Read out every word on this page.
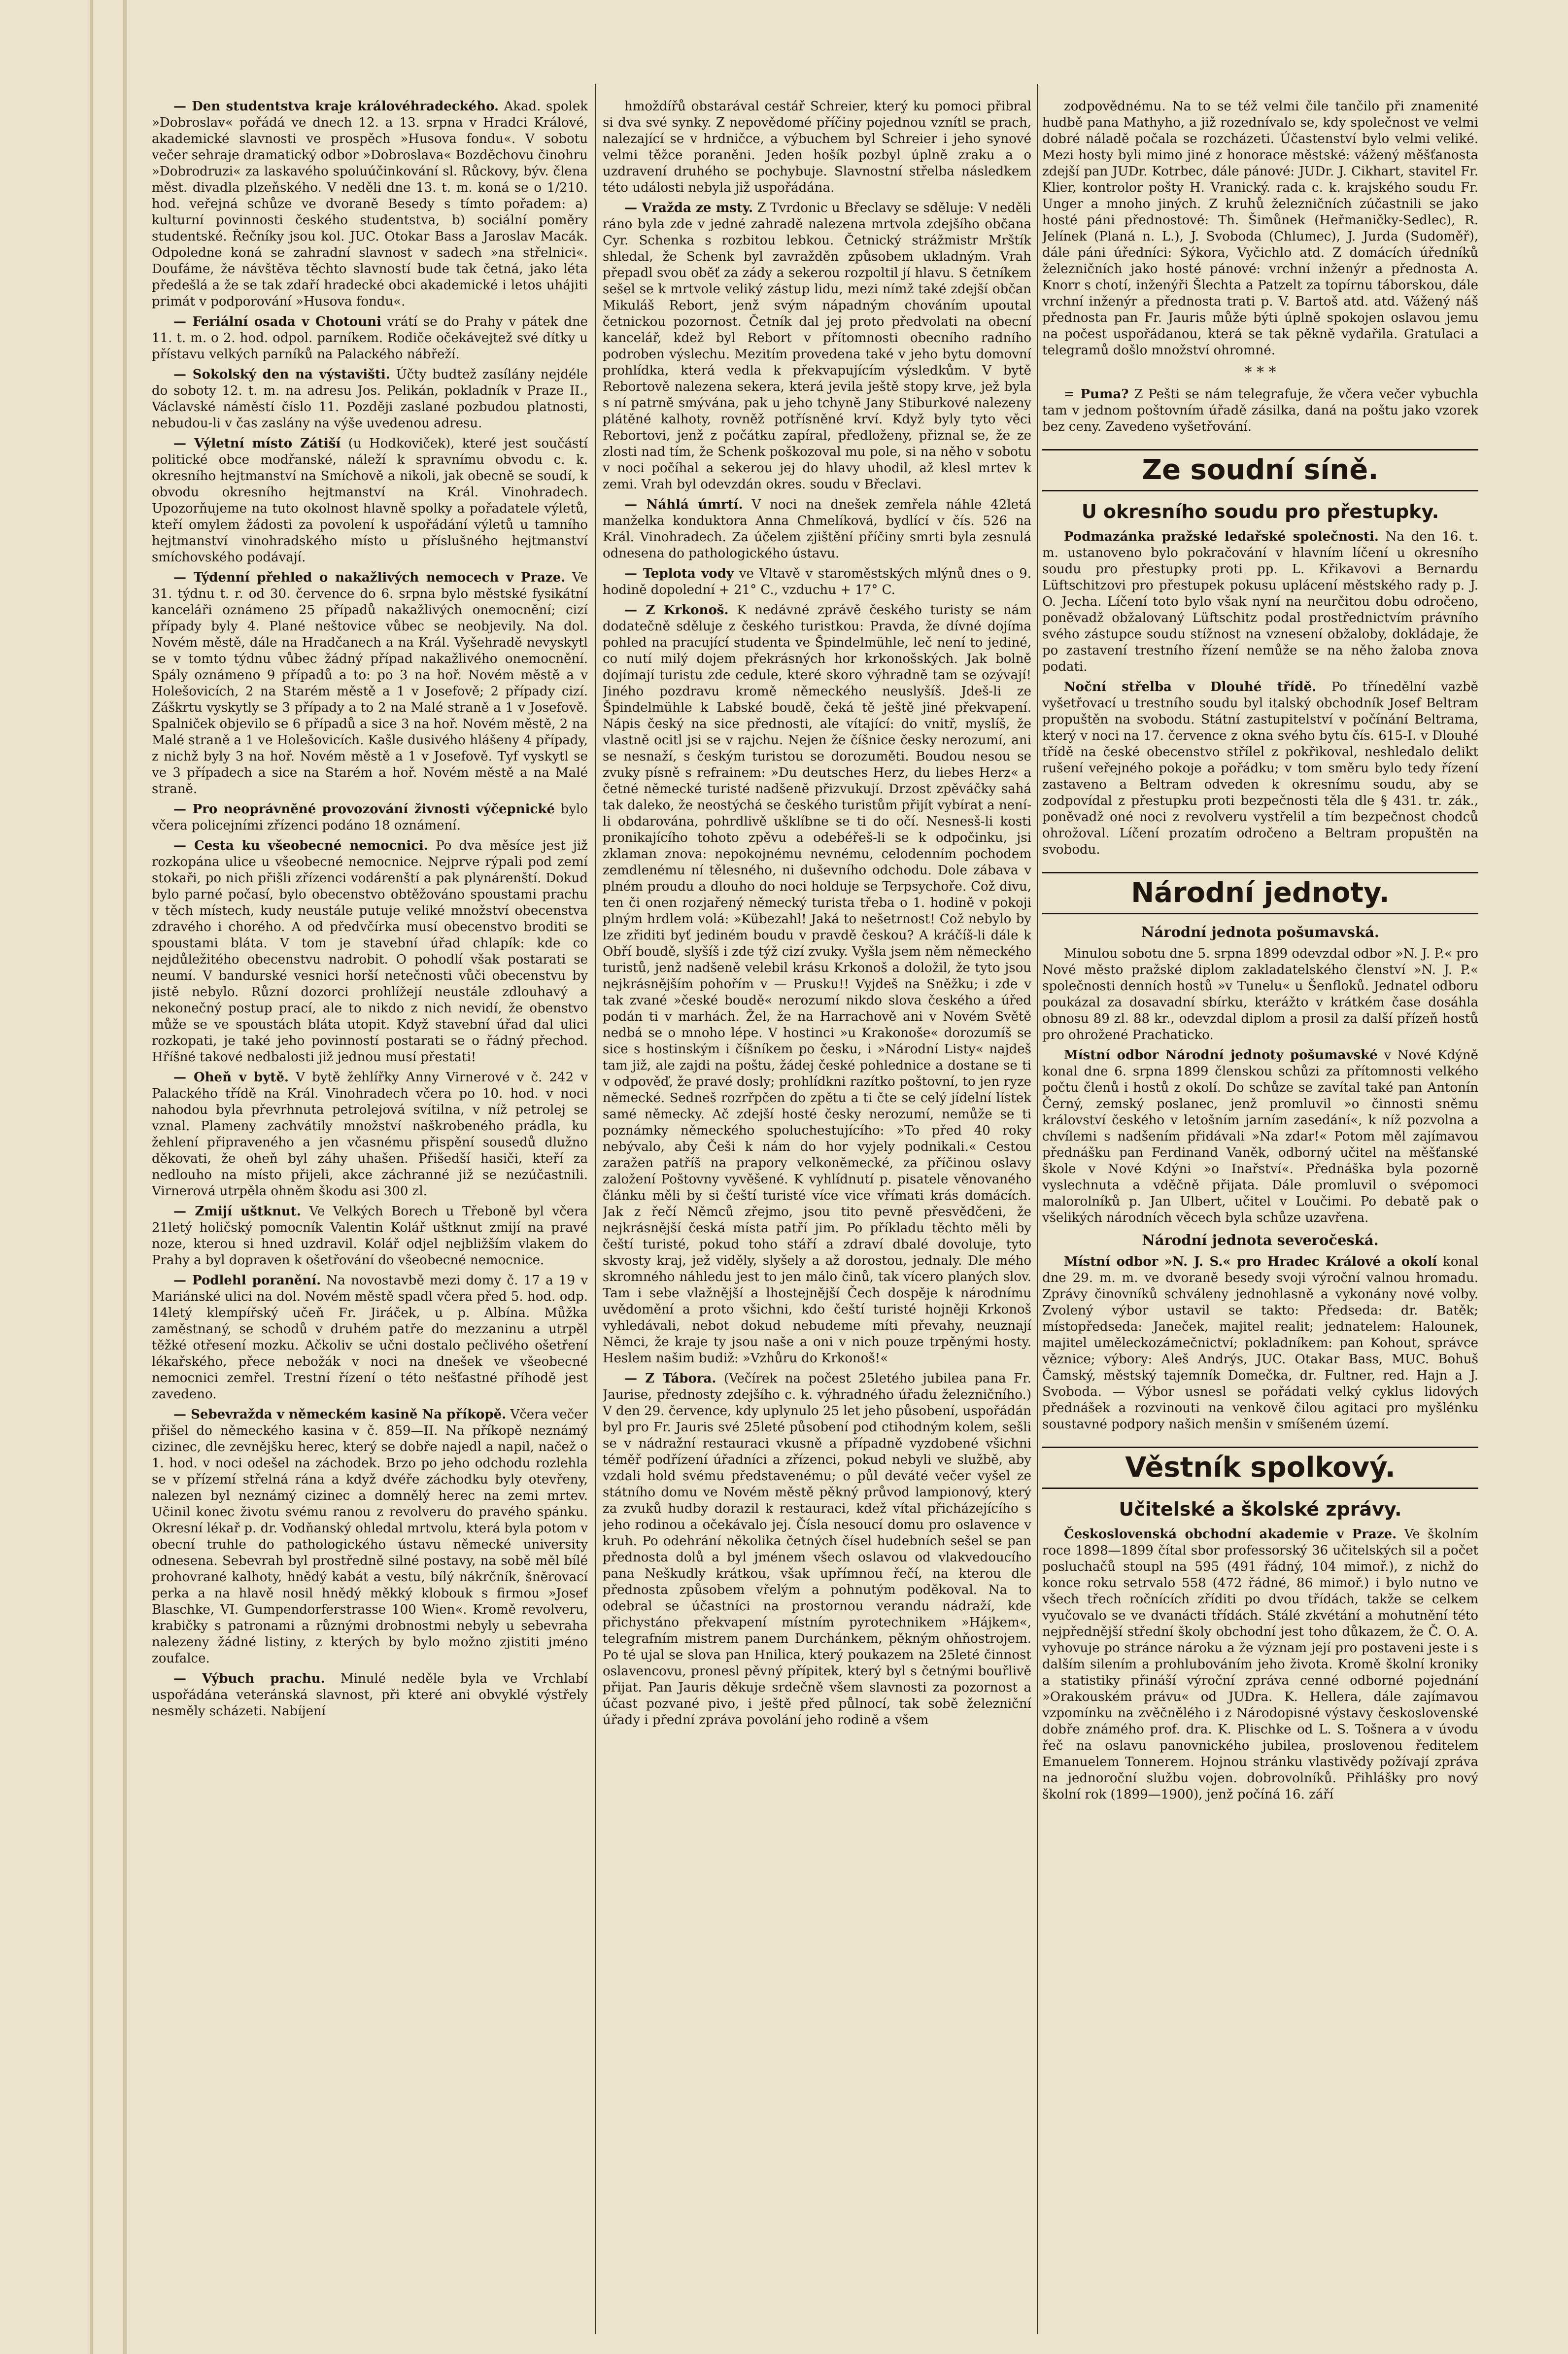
— Den studentstva kraje královéhradeckého. Akad. spolek »Dobroslav« pořádá ve dnech 12. a 13. srpna v Hradci Králové, akademické slavnosti ve prospěch »Husova fondu«. V sobotu večer sehraje dramatický odbor »Dobroslava« Bozděchovu činohru »Dobrodruzi« za laskavého spoluúčinkování sl. Růckovy, býv. člena měst. divadla plzeňského. V neděli dne 13. t. m. koná se o 1/210. hod. veřejná schůze ve dvoraně Besedy s tímto pořadem: a) kulturní povinnosti českého studentstva, b) sociální poměry studentské. Řečníky jsou kol. JUC. Otokar Bass a Jaroslav Macák. Odpoledne koná se zahradní slavnost v sadech »na střelnici«. Doufáme, že návštěva těchto slavností bude tak četná, jako léta předešlá a že se tak zdaří hradecké obci akademické i letos uhájiti primát v podporování »Husova fondu«.

— Feriální osada v Chotouni vrátí se do Prahy v pátek dne 11. t. m. o 2. hod. odpol. parníkem. Rodiče očekávejtež své dítky u přístavu velkých parníků na Palackého nábřeží.

— Sokolský den na výstavišti. Účty budtež zasílány nejdéle do soboty 12. t. m. na adresu Jos. Pelikán, pokladník v Praze II., Václavské náměstí číslo 11. Později zaslané pozbudou platnosti, nebudou-li v čas zaslány na výše uvedenou adresu.

— Výletní místo Zátiší (u Hodkoviček), které jest součástí politické obce modřanské, náleží k spravnímu obvodu c. k. okresního hejtmanství na Smíchově a nikoli, jak obecně se soudí, k obvodu okresního hejtmanství na Král. Vinohradech. Upozorňujeme na tuto okolnost hlavně spolky a pořadatele výletů, kteří omylem žádosti za povolení k uspořádání výletů u tamního hejtmanství vinohradského místo u příslušného hejtmanství smíchovského podávají.

— Týdenní přehled o nakažlivých nemocech v Praze. Ve 31. týdnu t. r. od 30. července do 6. srpna bylo městské fysikátní kanceláři oznámeno 25 případů nakažlivých onemocnění; cizí případy byly 4. Plané neštovice vůbec se neobjevily. Na dol. Novém městě, dále na Hradčanech a na Král. Vyšehradě nevyskytl se v tomto týdnu vůbec žádný případ nakažlivého onemocnění. Spály oznámeno 9 případů a to: po 3 na hoř. Novém městě a v Holešovicích, 2 na Starém městě a 1 v Josefově; 2 případy cizí. Záškrtu vyskytly se 3 případy a to 2 na Malé straně a 1 v Josefově. Spalniček objevilo se 6 případů a sice 3 na hoř. Novém městě, 2 na Malé straně a 1 ve Holešovicích. Kašle dusivého hlášeny 4 případy, z nichž byly 3 na hoř. Novém městě a 1 v Josefově. Tyf vyskytl se ve 3 případech a sice na Starém a hoř. Novém městě a na Malé straně.

— Pro neoprávněné provozování živnosti výčepnické bylo včera policejními zřízenci podáno 18 oznámení.

— Cesta ku všeobecné nemocnici. Po dva měsíce jest již rozkopána ulice u všeobecné nemocnice. Nejprve rýpali pod zemí stokaři, po nich přišli zřízenci vodárenští a pak plynárenští. Dokud bylo parné počasí, bylo obecenstvo obtěžováno spoustami prachu v těch místech, kudy neustále putuje veliké množství obecenstva zdravého i chorého. A od předvčírka musí obecenstvo broditi se spoustami bláta. V tom je stavební úřad chlapík: kde co nejdůležitého obecenstvu nadrobit. O pohodlí však postarati se neumí. V bandurské vesnici horší netečnosti vůči obecenstvu by jistě nebylo. Různí dozorci prohlížejí neustále zdlouhavý a nekonečný postup prací, ale to nikdo z nich nevidí, že obenstvo může se ve spoustách bláta utopit. Když stavební úřad dal ulici rozkopati, je také jeho povinností postarati se o řádný přechod. Hříšné takové nedbalosti již jednou musí přestati!

— Oheň v bytě. V bytě žehlířky Anny Virnerové v č. 242 v Palackého třídě na Král. Vinohradech včera po 10. hod. v noci nahodou byla převrhnuta petrolejová svítilna, v níž petrolej se vznal. Plameny zachvátily množství naškrobeného prádla, ku žehlení připraveného a jen včasnému přispění sousedů dlužno děkovati, že oheň byl záhy uhašen. Přišedší hasiči, kteří za nedlouho na místo přijeli, akce záchranné již se nezúčastnili. Virnerová utrpěla ohněm škodu asi 300 zl.

— Zmijí uštknut. Ve Velkých Borech u Třeboně byl včera 21letý holičský pomocník Valentin Kolář uštknut zmijí na pravé noze, kterou si hned uzdravil. Kolář odjel nejbližším vlakem do Prahy a byl dopraven k ošetřování do všeobecné nemocnice.

— Podlehl poranění. Na novostavbě mezi domy č. 17 a 19 v Mariánské ulici na dol. Novém městě spadl včera před 5. hod. odp. 14letý klempířský učeň Fr. Jiráček, u p. Albína. Můžka zaměstnaný, se schodů v druhém patře do mezzaninu a utrpěl těžké otřesení mozku. Ačkoliv se učni dostalo pečlivého ošetření lékařského, přece nebožák v noci na dnešek ve všeobecné nemocnici zemřel. Trestní řízení o této nešťastné příhodě jest zavedeno.

— Sebevražda v německém kasině Na příkopě. Včera večer přišel do německého kasina v č. 859—II. Na příkopě neznámý cizinec, dle zevnějšku herec, který se dobře najedl a napil, načež o 1. hod. v noci odešel na záchodek. Brzo po jeho odchodu rozlehla se v přízemí střelná rána a když dvéře záchodku byly otevřeny, nalezen byl neznámý cizinec a domnělý herec na zemi mrtev. Učinil konec životu svému ranou z revolveru do pravého spánku. Okresní lékař p. dr. Vodňanský ohledal mrtvolu, která byla potom v obecní truhle do pathologického ústavu německé university odnesena. Sebevrah byl prostředně silné postavy, na sobě měl bílé prohovrané kalhoty, hnědý kabát a vestu, bílý nákrčník, šněrovací perka a na hlavě nosil hnědý měkký klobouk s firmou »Josef Blaschke, VI. Gumpendorferstrasse 100 Wien«. Kromě revolveru, krabičky s patronami a různými drobnostmi nebyly u sebevraha nalezeny žádné listiny, z kterých by bylo možno zjistiti jméno zoufalce.

— Výbuch prachu. Minulé neděle byla ve Vrchlabí uspořádána veteránská slavnost, při které ani obvyklé výstřely nesměly scházeti. Nabíjení

hmoždířů obstarával cestář Schreier, který ku pomoci přibral si dva své synky. Z nepovědomé příčiny pojednou vznítl se prach, nalezající se v hrdničce, a výbuchem byl Schreier i jeho synové velmi těžce poraněni. Jeden hošík pozbyl úplně zraku a o uzdravení druhého se pochybuje. Slavnostní střelba následkem této události nebyla již uspořádána.

— Vražda ze msty. Z Tvrdonic u Břeclavy se sděluje: V neděli ráno byla zde v jedné zahradě nalezena mrtvola zdejšího občana Cyr. Schenka s rozbitou lebkou. Četnický strážmistr Mrštík shledal, že Schenk byl zavražděn způsobem ukladným. Vrah přepadl svou oběť za zády a sekerou rozpoltil jí hlavu. S četníkem sešel se k mrtvole veliký zástup lidu, mezi nímž také zdejší občan Mikuláš Rebort, jenž svým nápadným chováním upoutal četnickou pozornost. Četník dal jej proto předvolati na obecní kancelář, kdež byl Rebort v přítomnosti obecního radního podroben výslechu. Mezitím provedena také v jeho bytu domovní prohlídka, která vedla k překvapujícím výsledkům. V bytě Rebortově nalezena sekera, která jevila ještě stopy krve, jež byla s ní patrně smývána, pak u jeho tchyně Jany Stiburkové nalezeny plátěné kalhoty, rovněž potřísněné krví. Když byly tyto věci Rebortovi, jenž z počátku zapíral, předloženy, přiznal se, že ze zlosti nad tím, že Schenk poškozoval mu pole, si na něho v sobotu v noci počíhal a sekerou jej do hlavy uhodil, až klesl mrtev k zemi. Vrah byl odevzdán okres. soudu v Břeclavi.

— Náhlá úmrtí. V noci na dnešek zemřela náhle 42letá manželka konduktora Anna Chmelíková, bydlící v čís. 526 na Král. Vinohradech. Za účelem zjištění příčiny smrti byla zesnulá odnesena do pathologického ústavu.

— Teplota vody ve Vltavě v staroměstských mlýnů dnes o 9. hodině dopolední + 21° C., vzduchu + 17° C.

— Z Krkonoš. K nedávné zprávě českého turisty se nám dodatečně sděluje z českého turistkou: Pravda, že dívné dojíma pohled na pracující studenta ve Špindelmühle, leč není to jediné, co nutí milý dojem překrásných hor krkonošských. Jak bolně dojímají turistu zde cedule, které skoro výhradně tam se ozývají! Jiného pozdravu kromě německého neuslyšíš. Jdeš-li ze Špindelmühle k Labské boudě, čeká tě ještě jiné překvapení. Nápis český na sice přednosti, ale vítající: do vnitř, myslíš, že vlastně ocitl jsi se v rajchu. Nejen že číšnice česky nerozumí, ani se nesnaží, s českým turistou se dorozuměti. Boudou nesou se zvuky písně s refrainem: »Du deutsches Herz, du liebes Herz« a četné německé turisté nadšeně přizvukují. Drzost zpěváčky sahá tak daleko, že neostýchá se českého turistům přijít vybírat a není-li obdarována, pohrdlivě ušklíbne se ti do očí. Nesnesš-li kosti pronikajícího tohoto zpěvu a odebéřeš-li se k odpočinku, jsi zklaman znova: nepokojnému nevnému, celodenním pochodem zemdlenému ní tělesného, ni duševního odchodu. Dole zábava v plném proudu a dlouho do noci holduje se Terpsychoře. Což divu, ten či onen rozjařený německý turista třeba o 1. hodině v pokoji plným hrdlem volá: »Kübezahl! Jaká to nešetrnost! Což nebylo by lze zřiditi byť jediném boudu v pravdě českou? A kráčíš-li dále k Obří boudě, slyšíš i zde týž cizí zvuky. Vyšla jsem něm německého turistů, jenž nadšeně velebil krásu Krkonoš a doložil, že tyto jsou nejkrásnějším pohořím v — Prusku!! Vyjdeš na Sněžku; i zde v tak zvané »české boudě« nerozumí nikdo slova českého a úřed podán ti v marhách. Žel, že na Harrachově ani v Novém Světě nedbá se o mnoho lépe. V hostinci »u Krakonoše« dorozumíš se sice s hostinským i číšníkem po česku, i »Národní Listy« najdeš tam již, ale zajdi na poštu, žádej české pohlednice a dostane se ti v odpověď, že pravé dosly; prohlídkni razítko poštovní, to jen ryze německé. Sedneš rozrřpčen do zpětu a ti čte se celý jídelní lístek samé německy. Ač zdejší hosté česky nerozumí, nemůže se ti poznámky německého spoluchestujícího: »To před 40 roky nebývalo, aby Češi k nám do hor vyjely podnikali.« Cestou zaražen patříš na prapory velkoněmecké, za příčinou oslavy založení Poštovny vyvěšené. K vyhlídnutí p. pisatele věnovaného článku měli by si čeští turisté více vice vřímati krás domácích. Jak z řečí Němců zřejmo, jsou tito pevně přesvědčeni, že nejkrásnější česká místa patří jim. Po příkladu těchto měli by čeští turisté, pokud toho stáří a zdraví dbalé dovoluje, tyto skvosty kraj, jež viděly, slyšely a až dorostou, jednaly. Dle mého skromného náhledu jest to jen málo činů, tak vícero planých slov. Tam i sebe vlažnější a lhostejnější Čech dospěje k národnímu uvědomění a proto všichni, kdo čeští turisté hojněji Krkonoš vyhledávali, nebot dokud nebudeme míti převahy, neuznají Němci, že kraje ty jsou naše a oni v nich pouze trpěnými hosty. Heslem našim budiž: »Vzhůru do Krkonoš!«

— Z Tábora. (Večírek na počest 25letého jubilea pana Fr. Jaurise, přednosty zdejšího c. k. výhradného úřadu železničního.) V den 29. července, kdy uplynulo 25 let jeho působení, uspořádán byl pro Fr. Jauris své 25leté působení pod ctihodným kolem, sešli se v nádražní restauraci vkusně a případně vyzdobené všichni téměř podřízení úřadníci a zřízenci, pokud nebyli ve službě, aby vzdali hold svému představenému; o půl deváté večer vyšel ze státního domu ve Novém městě pěkný průvod lampionový, který za zvuků hudby dorazil k restauraci, kdež vítal přicházejícího s jeho rodinou a očekávalo jej. Čísla nesoucí domu pro oslavence v kruh. Po odehrání několika četných čísel hudebních sešel se pan přednosta dolů a byl jménem všech oslavou od vlakvedoucího pana Neškudly krátkou, však upřímnou řečí, na kterou dle přednosta způsobem vřelým a pohnutým poděkoval. Na to odebral se účastníci na prostornou verandu nádraží, kde přichystáno překvapení místním pyrotechnikem »Hájkem«, telegrafním mistrem panem Durchánkem, pěkným ohňostrojem. Po té ujal se slova pan Hnilica, který poukazem na 25leté činnost oslavencovu, pronesl pěvný přípitek, který byl s četnými bouřlivě přijat. Pan Jauris děkuje srdečně všem slavnosti za pozornost a účast pozvané pivo, i ještě před půlnocí, tak sobě železniční úřady i přední zpráva povolání jeho rodině a všem

zodpovědnému. Na to se též velmi čile tančilo při znamenité hudbě pana Mathyho, a již rozednívalo se, kdy společnost ve velmi dobré náladě počala se rozcházeti. Účastenství bylo velmi veliké. Mezi hosty byli mimo jiné z honorace městské: vážený měšťanosta zdejší pan JUDr. Kotrbec, dále pánové: JUDr. J. Cikhart, stavitel Fr. Klier, kontrolor pošty H. Vranický. rada c. k. krajského soudu Fr. Unger a mnoho jiných. Z kruhů železničních zúčastnili se jako hosté páni přednostové: Th. Šimůnek (Heřmaničky-Sedlec), R. Jelínek (Planá n. L.), J. Svoboda (Chlumec), J. Jurda (Sudoměř), dále páni úředníci: Sýkora, Vyčichlo atd. Z domácích úředníků železničních jako hosté pánové: vrchní inženýr a přednosta A. Knorr s chotí, inženýři Šlechta a Patzelt za topírnu táborskou, dále vrchní inženýr a přednosta trati p. V. Bartoš atd. atd. Vážený náš přednosta pan Fr. Jauris může býti úplně spokojen oslavou jemu na počest uspořádanou, která se tak pěkně vydařila. Gratulaci a telegramů došlo množství ohromné.

* * *

= Puma? Z Pešti se nám telegrafuje, že včera večer vybuchla tam v jednom poštovním úřadě zásilka, daná na poštu jako vzorek bez ceny. Zavedeno vyšetřování.

Ze soudní síně.
U okresního soudu pro přestupky.

Podmazánka pražské ledařské společnosti. Na den 16. t. m. ustanoveno bylo pokračování v hlavním líčení u okresního soudu pro přestupky proti pp. L. Křikavovi a Bernardu Lüftschitzovi pro přestupek pokusu uplácení městského rady p. J. O. Jecha. Líčení toto bylo však nyní na neurčitou dobu odročeno, poněvadž obžalovaný Lüftschitz podal prostřednictvím právního svého zástupce soudu stížnost na vznesení obžaloby, dokládaje, že po zastavení trestního řízení nemůže se na něho žaloba znova podati.

Noční střelba v Dlouhé třídě. Po třínedělní vazbě vyšetřovací u trestního soudu byl italský obchodník Josef Beltram propuštěn na svobodu. Státní zastupitelství v počínání Beltrama, který v noci na 17. července z okna svého bytu čís. 615-I. v Dlouhé třídě na české obecenstvo střílel z pokřikoval, neshledalo delikt rušení veřejného pokoje a pořádku; v tom směru bylo tedy řízení zastaveno a Beltram odveden k okresnímu soudu, aby se zodpovídal z přestupku proti bezpečnosti těla dle § 431. tr. zák., poněvadž oné noci z revolveru vystřelil a tím bezpečnost chodců ohrožoval. Líčení prozatím odročeno a Beltram propuštěn na svobodu.

Národní jednoty.
Národní jednota pošumavská.

Minulou sobotu dne 5. srpna 1899 odevzdal odbor »N. J. P.« pro Nové město pražské diplom zakladatelského členství »N. J. P.« společnosti denních hostů »v Tunelu« u Šenfloků. Jednatel odboru poukázal za dosavadní sbírku, kterážto v krátkém čase dosáhla obnosu 89 zl. 88 kr., odevzdal diplom a prosil za další přízeň hostů pro ohrožené Prachaticko.

Místní odbor Národní jednoty pošumavské v Nové Kdýně konal dne 6. srpna 1899 členskou schůzi za přítomnosti velkého počtu členů i hostů z okolí. Do schůze se zavítal také pan Antonín Černý, zemský poslanec, jenž promluvil »o činnosti sněmu království českého v letošním jarním zasedání«, k níž pozvolna a chvílemi s nadšením přidávali »Na zdar!« Potom měl zajímavou přednášku pan Ferdinand Vaněk, odborný učitel na měšťanské škole v Nové Kdýni »o Inařství«. Přednáška byla pozorně vyslechnuta a vděčně přijata. Dále promluvil o svépomoci malorolníků p. Jan Ulbert, učitel v Loučimi. Po debatě pak o všelikých národních věcech byla schůze uzavřena.

Národní jednota severočeská.

Místní odbor »N. J. S.« pro Hradec Králové a okolí konal dne 29. m. m. ve dvoraně besedy svoji výroční valnou hromadu. Zprávy činovníků schváleny jednohlasně a vykonány nové volby. Zvolený výbor ustavil se takto: Předseda: dr. Batěk; místopředseda: Janeček, majitel realit; jednatelem: Halounek, majitel uměleckozámečnictví; pokladníkem: pan Kohout, správce věznice; výbory: Aleš Andrýs, JUC. Otakar Bass, MUC. Bohuš Čamský, městský tajemník Domečka, dr. Fultner, red. Hajn a J. Svoboda. — Výbor usnesl se pořádati velký cyklus lidových přednášek a rozvinouti na venkově čilou agitaci pro myšlénku soustavné podpory našich menšin v smíšeném území.

Věstník spolkový.
Učitelské a školské zprávy.

Československá obchodní akademie v Praze. Ve školním roce 1898—1899 čítal sbor professorský 36 učitelských sil a počet posluchačů stoupl na 595 (491 řádný, 104 mimoř.), z nichž do konce roku setrvalo 558 (472 řádné, 86 mimoř.) i bylo nutno ve všech třech ročnících zříditi po dvou třídách, takže se celkem vyučovalo se ve dvanácti třídách. Stálé zkvétání a mohutnění této nejpřednější střední školy obchodní jest toho důkazem, že Č. O. A. vyhovuje po stránce nároku a že význam její pro postaveni jeste i s dalším silením a prohlubováním jeho života. Kromě školní kroniky a statistiky přináší výroční zpráva cenné odborné pojednání »Orakouském právu« od JUDra. K. Hellera, dále zajímavou vzpomínku na zvěčnělého i z Národopisné výstavy československé dobře známého prof. dra. K. Plischke od L. S. Tošnera a v úvodu řeč na oslavu panovnického jubilea, proslovenou ředitelem Emanuelem Tonnerem. Hojnou stránku vlastivědy požívají zpráva na jednoroční službu vojen. dobrovolníků. Přihlášky pro nový školní rok (1899—1900), jenž počíná 16. září
